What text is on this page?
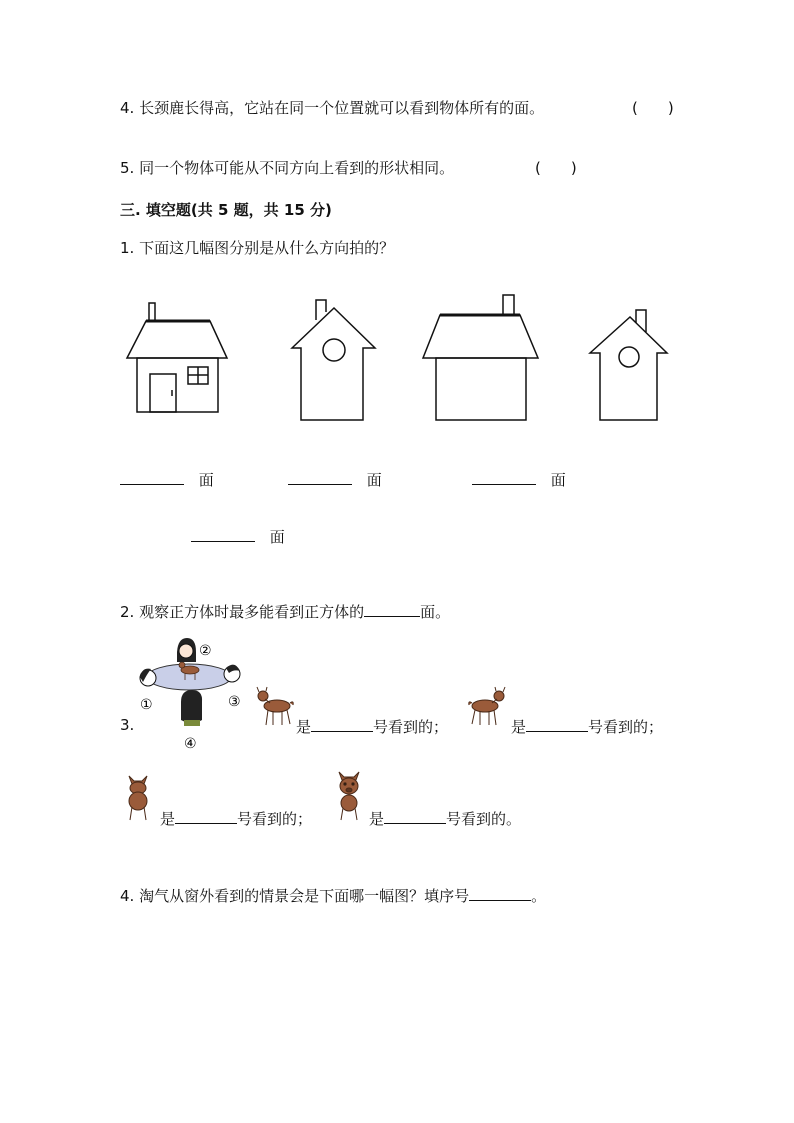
4. 长颈鹿长得高，它站在同一个位置就可以看到物体所有的面。	(　　)
5. 同一个物体可能从不同方向上看到的形状相同。	(　　)
三. 填空题(共 5 题，共 15 分)
1. 下面这几幅图分别是从什么方向拍的？
面	面	面
面
2. 观察正方体时最多能看到正方体的	面。
3.
①
②
③
④
是	号看到的；	是	号看到的；
是	号看到的；	是	号看到的。
4. 淘气从窗外看到的情景会是下面哪一幅图？填序号	。
